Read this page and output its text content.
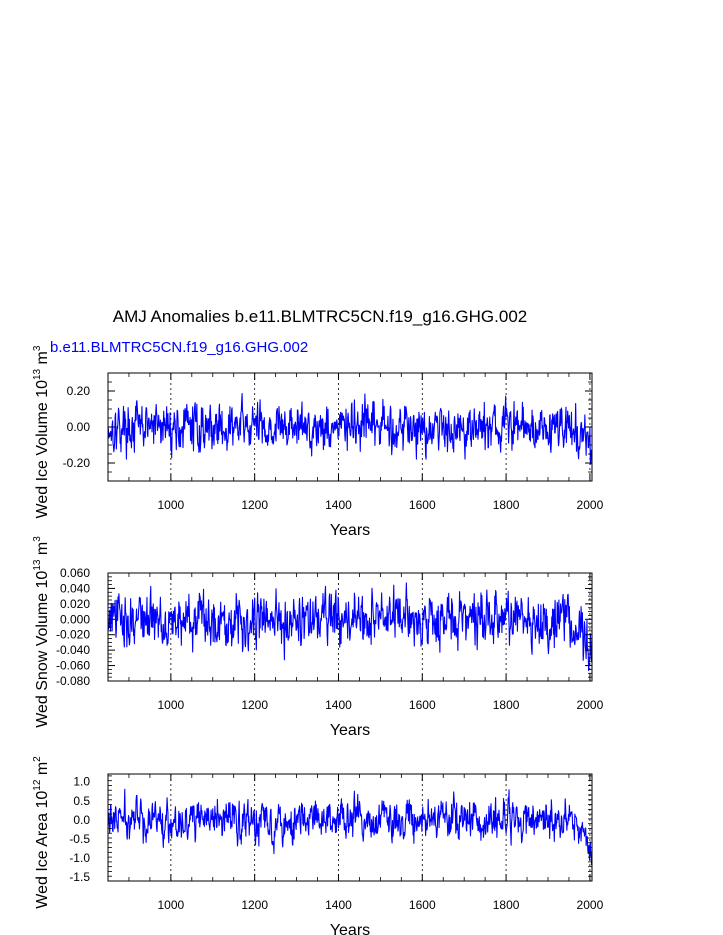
AMJ Anomalies b.e11.BLMTRC5CN.f19_g16.GHG.002
b.e11.BLMTRC5CN.f19_g16.GHG.002
1000	1200	1400	1600	1800	2000
-0.20
0.00
0.20
Years
Wed Ice Volume $10^{13}$ $m^3$
1000	1200	1400	1600	1800	2000
-0.080
-0.060
-0.040
-0.020
0.000
0.020
0.040
0.060
Years
Wed Snow Volume $10^{13}$ $m^3$
1000	1200	1400	1600	1800	2000
-1.5
-1.0
-0.5
0.0
0.5
1.0
Years
Wed Ice Area $10^{12}$ $m^2$
